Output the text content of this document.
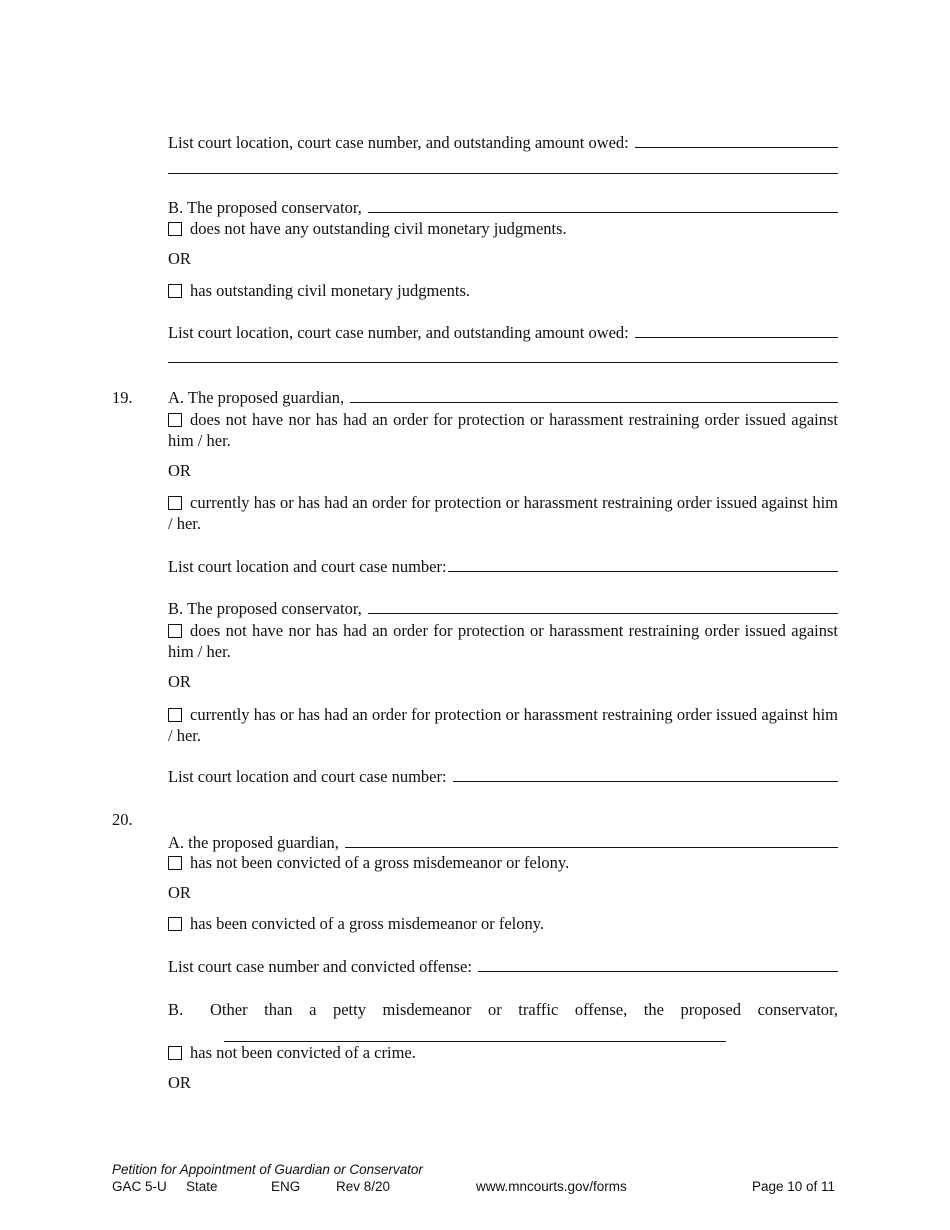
List court location, court case number, and outstanding amount owed:
B. The proposed conservator,
does not have any outstanding civil monetary judgments.
OR
has outstanding civil monetary judgments.
List court location, court case number, and outstanding amount owed:
19. A. The proposed guardian,
does not have nor has had an order for protection or harassment restraining order issued against him / her.
OR
currently has or has had an order for protection or harassment restraining order issued against him / her.
List court location and court case number:
B. The proposed conservator,
does not have nor has had an order for protection or harassment restraining order issued against him / her.
OR
currently has or has had an order for protection or harassment restraining order issued against him / her.
List court location and court case number:
20.
A. the proposed guardian,
has not been convicted of a gross misdemeanor or felony.
OR
has been convicted of a gross misdemeanor or felony.
List court case number and convicted offense:
B.	Other than a petty misdemeanor or traffic offense, the proposed conservator,
has not been convicted of a crime.
OR
Petition for Appointment of Guardian or Conservator
GAC 5-U State	ENG	Rev 8/20	www.mncourts.gov/forms	Page 10 of 11
